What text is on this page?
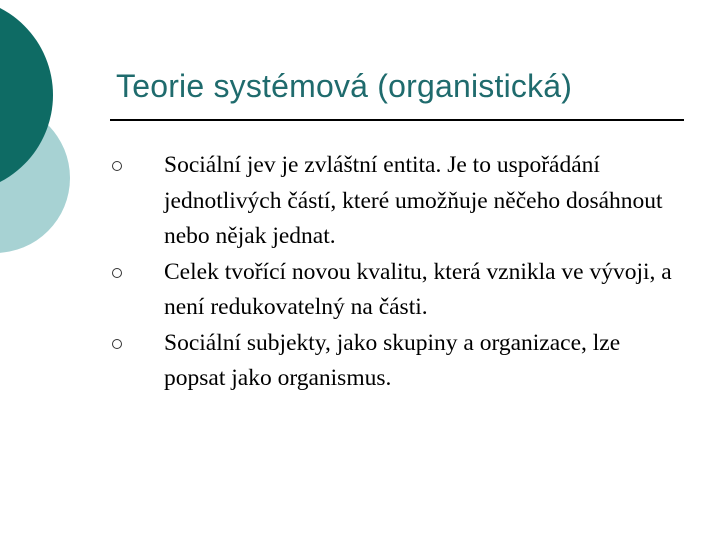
Teorie systémová (organistická)
Sociální jev je zvláštní entita. Je to uspořádání jednotlivých částí, které umožňuje něčeho dosáhnout nebo nějak jednat.
Celek tvořící novou kvalitu, která vznikla ve vývoji, a není redukovatelný na části.
Sociální subjekty, jako skupiny a organizace, lze popsat jako organismus.
